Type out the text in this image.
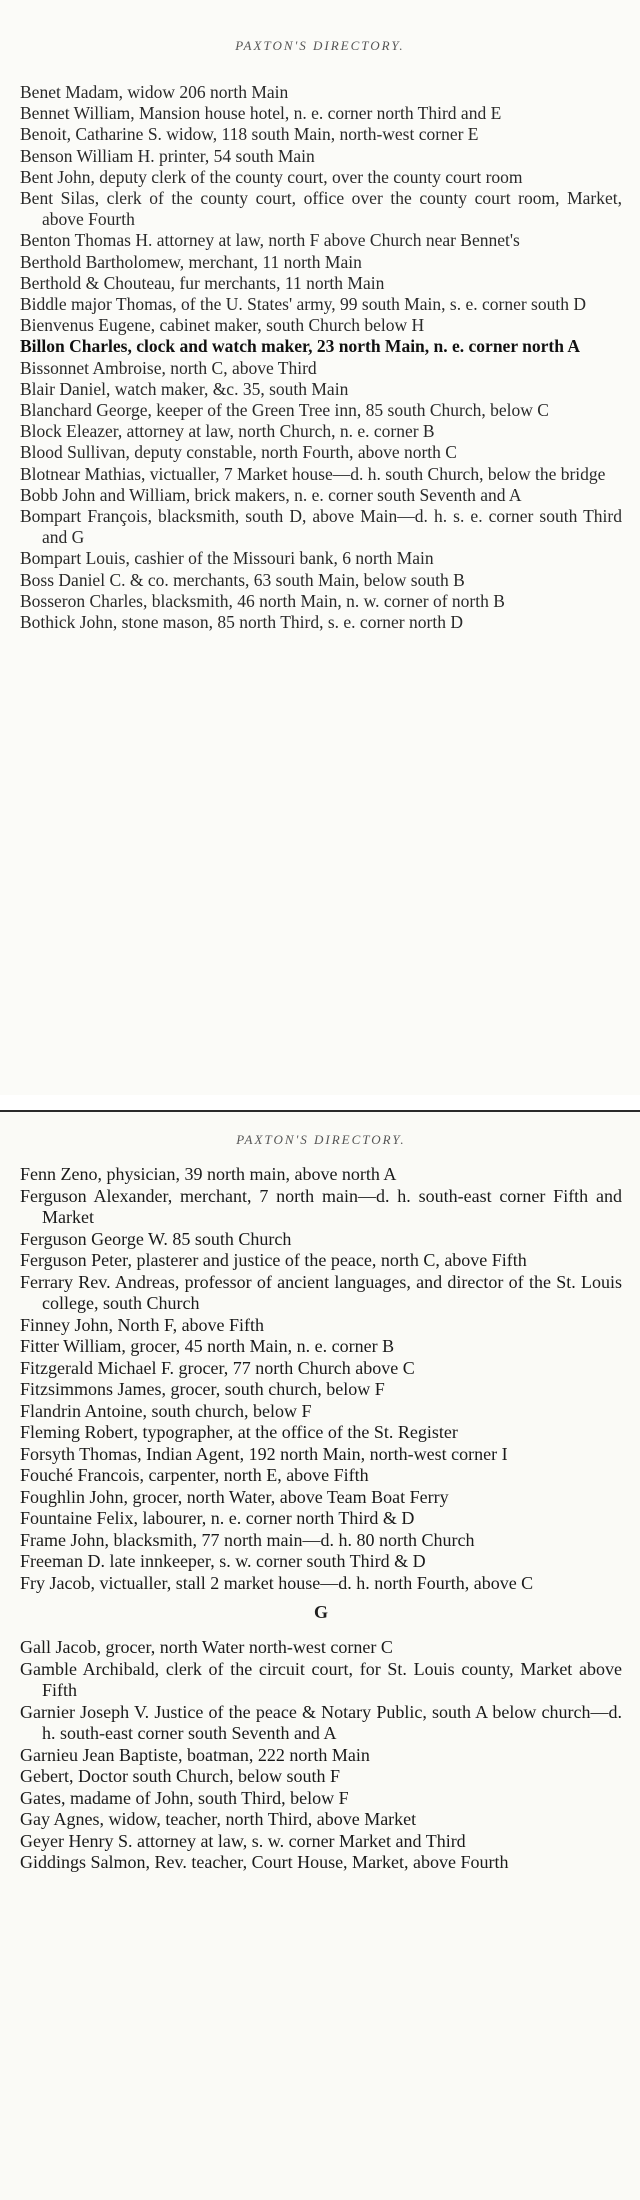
PAXTON'S DIRECTORY.
Benet Madam, widow 206 north Main
Bennet William, Mansion house hotel, n. e. corner north Third and E
Benoit, Catharine S. widow, 118 south Main, north-west corner E
Benson William H. printer, 54 south Main
Bent John, deputy clerk of the county court, over the county court room
Bent Silas, clerk of the county court, office over the county court room, Market, above Fourth
Benton Thomas H. attorney at law, north F above Church near Bennet's
Berthold Bartholomew, merchant, 11 north Main
Berthold & Chouteau, fur merchants, 11 north Main
Biddle major Thomas, of the U. States' army, 99 south Main, s. e. corner south D
Bienvenus Eugene, cabinet maker, south Church below H
Billon Charles, clock and watch maker, 23 north Main, n. e. corner north A
Bissonnet Ambroise, north C, above Third
Blair Daniel, watch maker, &c. 35, south Main
Blanchard George, keeper of the Green Tree inn, 85 south Church, below C
Block Eleazer, attorney at law, north Church, n. e. corner B
Blood Sullivan, deputy constable, north Fourth, above north C
Blotnear Mathias, victualler, 7 Market house—d. h. south Church, below the bridge
Bobb John and William, brick makers, n. e. corner south Seventh and A
Bompart François, blacksmith, south D, above Main—d. h. s. e. corner south Third and G
Bompart Louis, cashier of the Missouri bank, 6 north Main
Boss Daniel C. & co. merchants, 63 south Main, below south B
Bosseron Charles, blacksmith, 46 north Main, n. w. corner of north B
Bothick John, stone mason, 85 north Third, s. e. corner north D
PAXTON'S DIRECTORY.
Fenn Zeno, physician, 39 north main, above north A
Ferguson Alexander, merchant, 7 north main—d. h. south-east corner Fifth and Market
Ferguson George W. 85 south Church
Ferguson Peter, plasterer and justice of the peace, north C, above Fifth
Ferrary Rev. Andreas, professor of ancient languages, and director of the St. Louis college, south Church
Finney John, North F, above Fifth
Fitter William, grocer, 45 north Main, n. e. corner B
Fitzgerald Michael F. grocer, 77 north Church above C
Fitzsimmons James, grocer, south church, below F
Flandrin Antoine, south church, below F
Fleming Robert, typographer, at the office of the St. Register
Forsyth Thomas, Indian Agent, 192 north Main, north-west corner I
Fouché Francois, carpenter, north E, above Fifth
Foughlin John, grocer, north Water, above Team Boat Ferry
Fountaine Felix, labourer, n. e. corner north Third & D
Frame John, blacksmith, 77 north main—d. h. 80 north Church
Freeman D. late innkeeper, s. w. corner south Third & D
Fry Jacob, victualler, stall 2 market house—d. h. north Fourth, above C
G
Gall Jacob, grocer, north Water north-west corner C
Gamble Archibald, clerk of the circuit court, for St. Louis county, Market above Fifth
Garnier Joseph V. Justice of the peace & Notary Public, south A below church—d. h. south-east corner south Seventh and A
Garnieu Jean Baptiste, boatman, 222 north Main
Gebert, Doctor south Church, below south F
Gates, madame of John, south Third, below F
Gay Agnes, widow, teacher, north Third, above Market
Geyer Henry S. attorney at law, s. w. corner Market and Third
Giddings Salmon, Rev. teacher, Court House, Market, above Fourth
